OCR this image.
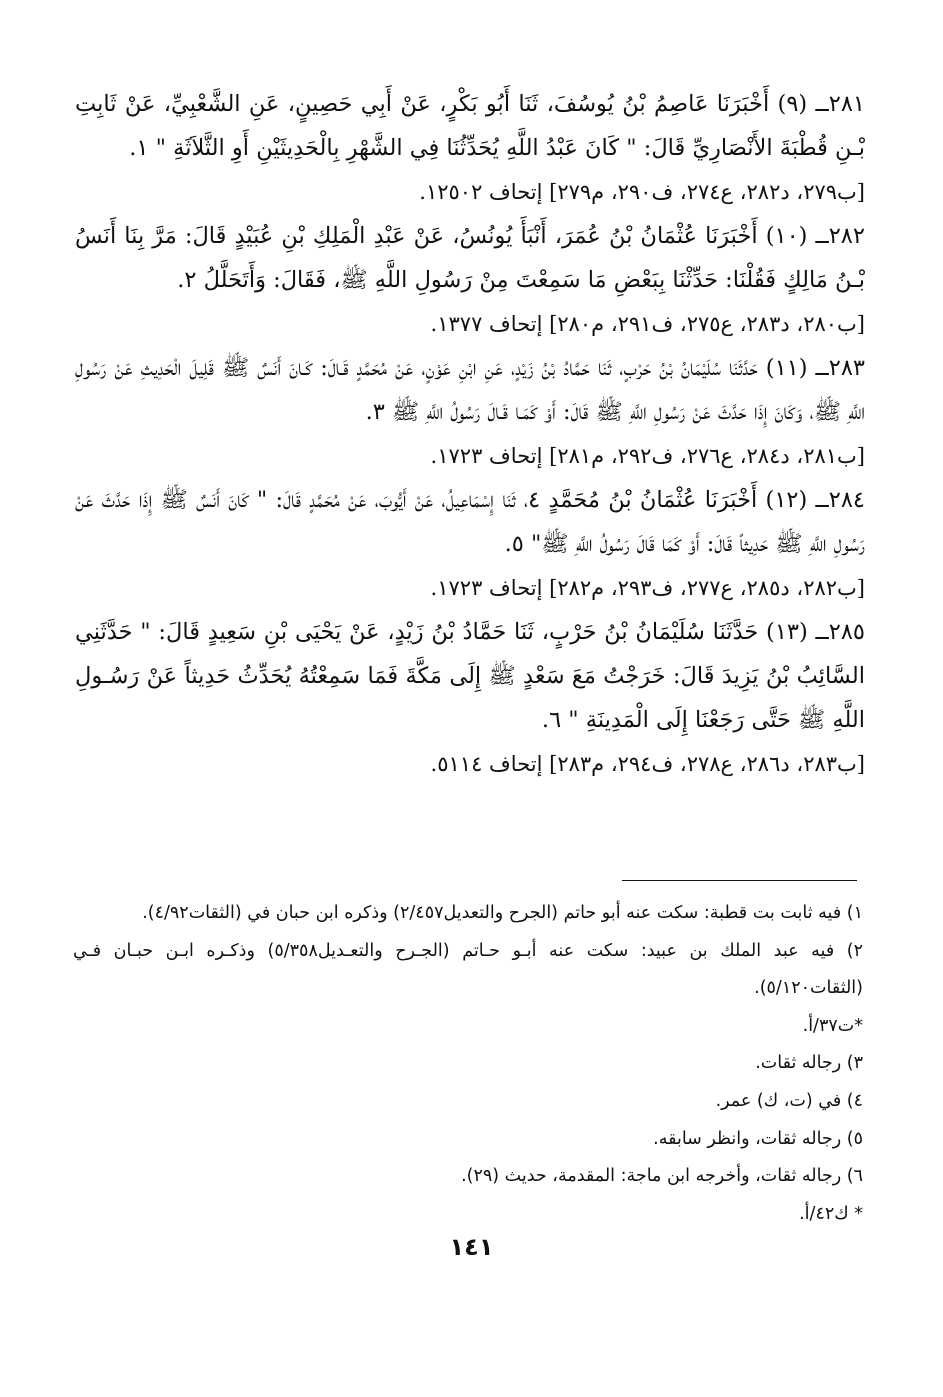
٢٨١ــ (٩) أَخْبَرَنَا عَاصِمُ بْنُ يُوسُفَ، ثَنَا أَبُو بَكْرٍ، عَنْ أَبِي حَصِينٍ، عَنِ الشَّعْبِيِّ، عَنْ ثَابِتِ بْـنِ قُطْبَةَ الأَنْصَارِيِّ قَالَ: " كَانَ عَبْدُ اللَّهِ يُحَدِّثُنَا فِي الشَّهْرِ بِالْحَدِيثَيْنِ أَوِ الثَّلاَثَةِ " ١.

[ب٢٧٩، د٢٨٢، ع٢٧٤، ف٢٩٠، م٢٧٩] إتحاف ١٢٥٠٢.

٢٨٢ــ (١٠) أَخْبَرَنَا عُثْمَانُ بْنُ عُمَرَ، أَنْبَأَ يُونُسُ، عَنْ عَبْدِ الْمَلِكِ بْنِ عُبَيْدٍ قَالَ: مَرَّ بِنَا أَنَسُ بْـنُ مَالِكٍ فَقُلْنَا: حَدِّثْنَا بِبَعْضِ مَا سَمِعْتَ مِنْ رَسُولِ اللَّهِ ﷺ، فَقَالَ: وَأَتَحَلَّلُ ٢.

[ب٢٨٠، د٢٨٣، ع٢٧٥، ف٢٩١، م٢٨٠] إتحاف ١٣٧٧.

٢٨٣ــ (١١) حَدَّثَنَا سُلَيْمَانُ بْنُ حَرْبٍ، ثَنَا حَمَّادُ بْنُ زَيْدٍ، عَنِ ابْنِ عَوْنٍ، عَنْ مُحَمَّدٍ قَـالَ: كَـانَ أَنَسٌ ﷺ قَلِيلَ الْحَدِيثِ عَنْ رَسُولِ اللَّهِ ﷺ، وَكَانَ إِذَا حَدَّثَ عَنْ رَسُولِ اللَّهِ ﷺ قَالَ: أَوْ كَمَـا قَـالَ رَسُولُ اللَّهِ ﷺ ٣.

[ب٢٨١، د٢٨٤، ع٢٧٦، ف٢٩٢، م٢٨١] إتحاف ١٧٢٣.

٢٨٤ــ (١٢) أَخْبَرَنَا عُثْمَانُ بْنُ مُحَمَّدٍ ٤، ثَنَا إِسْمَاعِيلُ، عَنْ أَيُّوبَ، عَنْ مُحَمَّدٍ قَالَ: " كَانَ أَنَسٌ ﷺ إِذَا حَدَّثَ عَنْ رَسُولِ اللَّهِ ﷺ حَدِيثاً قَالَ: أَوْ كَمَا قَالَ رَسُولُ اللَّهِ ﷺ" ٥.

[ب٢٨٢، د٢٨٥، ع٢٧٧، ف٢٩٣، م٢٨٢] إتحاف ١٧٢٣.

٢٨٥ــ (١٣) حَدَّثَنَا سُلَيْمَانُ بْنُ حَرْبٍ، ثَنَا حَمَّادُ بْنُ زَيْدٍ، عَنْ يَحْيَى بْنِ سَعِيدٍ قَالَ: " حَدَّثَنِي السَّائِبُ بْنُ يَزِيدَ قَالَ: خَرَجْتُ مَعَ سَعْدٍ ﷺ إِلَى مَكَّةَ فَمَا سَمِعْتُهُ يُحَدِّثُ حَدِيثاً عَنْ رَسُـولِ اللَّهِ ﷺ حَتَّى رَجَعْنَا إِلَى الْمَدِينَةِ " ٦.

[ب٢٨٣، د٢٨٦، ع٢٧٨، ف٢٩٤، م٢٨٣] إتحاف ٥١١٤.

١) فيه ثابت بت قطبة: سكت عنه أبو حاتم (الجرح والتعديل٢/٤٥٧) وذكره ابن حبان في (الثقات٤/٩٢).

٢) فيه عبد الملك بن عبيد: سكت عنه أبـو حـاتم (الجـرح والتعـديل٥/٣٥٨) وذكـره ابـن حبـان فـي (الثقات٥/١٢٠).

*ت٣٧/أ.

٣) رجاله ثقات.

٤) في (ت، ك) عمر.

٥) رجاله ثقات، وانظر سابقه.

٦) رجاله ثقات، وأخرجه ابن ماجة: المقدمة، حديث (٢٩).

* ك٤٢/أ.

١٤١
